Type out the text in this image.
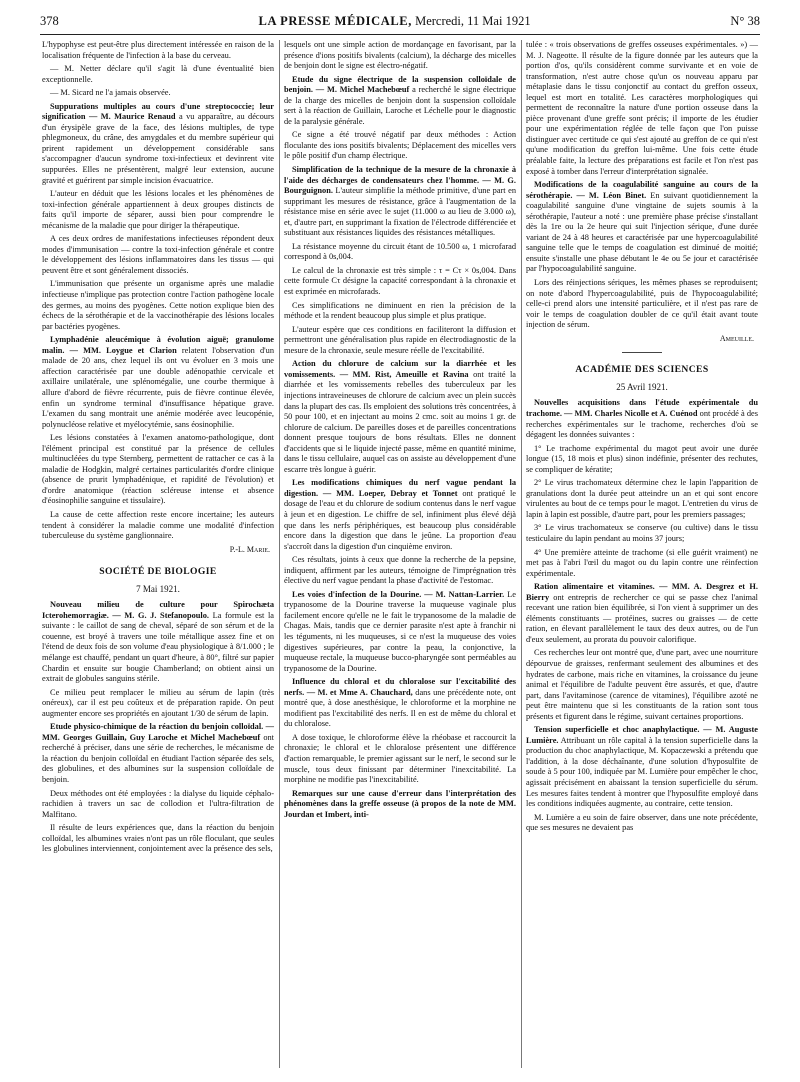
378	LA PRESSE MÉDICALE, Mercredi, 11 Mai 1921	N° 38

L'hypophyse est peut-être plus directement intéressée en raison de la localisation fréquente de l'infection à la base du cerveau.

— M. Netter déclare qu'il s'agit là d'une éventualité bien exceptionnelle.

— M. Sicard ne l'a jamais observée.

Suppurations multiples au cours d'une streptococcie; leur signification — M. Maurice Renaud a vu apparaître, au décours d'un érysipèle grave de la face, des lésions multiples, de type phlegmoneux, du crâne, des amygdales et du membre supérieur qui prirent rapidement un développement considérable sans s'accompagner d'aucun syndrome toxi-infectieux et devinrent vite suppurées. Elles ne présentèrent, malgré leur extension, aucune gravité et guérirent par simple incision évacuatrice.

L'auteur en déduit que les lésions locales et les phénomènes de toxi-infection générale appartiennent à deux groupes distincts de faits qu'il importe de séparer, aussi bien pour comprendre le mécanisme de la maladie que pour diriger la thérapeutique.

A ces deux ordres de manifestations infectieuses répondent deux modes d'immunisation — contre la toxi-infection générale et contre le développement des lésions inflammatoires dans les tissus — qui peuvent être et sont généralement dissociés.

L'immunisation que présente un organisme après une maladie infectieuse n'implique pas protection contre l'action pathogène locale des germes, au moins des pyogènes. Cette notion explique bien des échecs de la sérothérapie et de la vaccinothérapie des lésions locales par bactéries pyogènes.

Lymphadénie aleucémique à évolution aiguë; granulome malin. — MM. Loygue et Clarion relatent l'observation d'un malade de 20 ans, chez lequel ils ont vu évoluer en 3 mois une affection caractérisée par une double adénopathie cervicale et axillaire unilatérale, une splénomégalie, une courbe thermique à allure d'abord de fièvre récurrente, puis de fièvre continue élevée, enfin un syndrome terminal d'insuffisance hépatique grave. L'examen du sang montrait une anémie modérée avec leucopénie, polynucléose relative et myélocytémie, sans éosinophilie.

Les lésions constatées à l'examen anatomo-pathologique, dont l'élément principal est constitué par la présence de cellules multinucléées du type Sternberg, permettent de rattacher ce cas à la maladie de Hodgkin, malgré certaines particularités d'ordre clinique (absence de prurit lymphadénique, et rapidité de l'évolution) et d'ordre anatomique (réaction scléreuse intense et absence d'éosinophilie sanguine et tissulaire).

La cause de cette affection reste encore incertaine; les auteurs tendent à considérer la maladie comme une modalité d'infection tuberculeuse du système ganglionnaire.

P.-L. Marie.

SOCIÉTÉ DE BIOLOGIE
7 Mai 1921.

Nouveau milieu de culture pour Spirochæta Icterohemorragiæ. — M. G. J. Stefanopoulo. La formule est la suivante : le caillot de sang de cheval, séparé de son sérum et de la couenne, est broyé à travers une toile métallique assez fine et on l'étend de deux fois de son volume d'eau physiologique à 8/1.000 ; le mélange est chauffé, pendant un quart d'heure, à 80°, filtré sur papier Chardin et ensuite sur bougie Chamberland; on obtient ainsi un extrait de globules sanguins stérile.

Ce milieu peut remplacer le milieu au sérum de lapin (très onéreux), car il est peu coûteux et de préparation rapide. On peut augmenter encore ses propriétés en ajoutant 1/30 de sérum de lapin.

Etude physico-chimique de la réaction du benjoin colloïdal. — MM. Georges Guillain, Guy Laroche et Michel Machebœuf ont recherché à préciser, dans une série de recherches, le mécanisme de la réaction du benjoin colloïdal en étudiant l'action séparée des sels, des globulines, et des albumines sur la suspension colloïdale de benjoin.

Deux méthodes ont été employées : la dialyse du liquide céphalo-rachidien à travers un sac de collodion et l'ultra-filtration de Malfitano.

Il résulte de leurs expériences que, dans la réaction du benjoin colloïdal, les albumines vraies n'ont pas un rôle floculant, que seules les globulines interviennent, conjointement avec la présence des sels,

lesquels ont une simple action de mordançage en favorisant, par la présence d'ions positifs bivalents (calcium), la décharge des micelles de benjoin dont le signe est électro-négatif.

Etude du signe électrique de la suspension colloïdale de benjoin. — M. Michel Machebœuf a recherché le signe électrique de la charge des micelles de benjoin dont la suspension colloïdale sert à la réaction de Guillain, Laroche et Léchelle pour le diagnostic de la paralysie générale.

Ce signe a été trouvé négatif par deux méthodes : Action floculante des ions positifs bivalents; Déplacement des micelles vers le pôle positif d'un champ électrique.

Simplification de la technique de la mesure de la chronaxie à l'aide des décharges de condensateurs chez l'homme. — M. G. Bourguignon. L'auteur simplifie la méthode primitive, d'une part en supprimant les mesures de résistance, grâce à l'augmentation de la résistance mise en série avec le sujet (11.000 ω au lieu de 3.000 ω), et, d'autre part, en supprimant la fixation de l'électrode différenciée et substituant aux résistances liquides des résistances métalliques.

La résistance moyenne du circuit étant de 10.500 ω, 1 microfarad correspond à 0s,004.

Le calcul de la chronaxie est très simple : τ = Cτ × 0s,004. Dans cette formule Cτ désigne la capacité correspondant à la chronaxie et est exprimée en microfarads.

Ces simplifications ne diminuent en rien la précision de la méthode et la rendent beaucoup plus simple et plus pratique.

L'auteur espère que ces conditions en faciliteront la diffusion et permettront une généralisation plus rapide en électrodiagnostic de la mesure de la chronaxie, seule mesure réelle de l'excitabilité.

Action du chlorure de calcium sur la diarrhée et les vomissements. — MM. Rist, Ameuille et Ravina ont traité la diarrhée et les vomissements rebelles des tuberculeux par les injections intraveineuses de chlorure de calcium avec un plein succès dans la plupart des cas. Ils emploient des solutions très concentrées, à 50 pour 100, et en injectant au moins 2 cmc. soit au moins 1 gr. de chlorure de calcium. De pareilles doses et de pareilles concentrations donnent presque toujours de bons résultats. Elles ne donnent d'accidents que si le liquide injecté passe, même en quantité minime, dans le tissu cellulaire, auquel cas on assiste au développement d'une escarre très longue à guérir.

Les modifications chimiques du nerf vague pendant la digestion. — MM. Loeper, Debray et Tonnet ont pratiqué le dosage de l'eau et du chlorure de sodium contenus dans le nerf vague à jeun et en digestion. Le chiffre de sel, infiniment plus élevé déjà que dans les nerfs périphériques, est beaucoup plus considérable encore dans la digestion que dans le jeûne. La proportion d'eau s'accroît dans la digestion d'un cinquième environ.

Ces résultats, joints à ceux que donne la recherche de la pepsine, indiquent, affirment par les auteurs, témoigne de l'imprégnation très élective du nerf vague pendant la phase d'activité de l'estomac.

Les voies d'infection de la Dourine. — M. Nattan-Larrier. Le trypanosome de la Dourine traverse la muqueuse vaginale plus facilement encore qu'elle ne le fait le trypanosome de la maladie de Chagas. Mais, tandis que ce dernier parasite n'est apte à franchir ni les téguments, ni les muqueuses, si ce n'est la muqueuse des voies digestives supérieures, par contre la peau, la conjonctive, la muqueuse rectale, la muqueuse bucco-pharyngée sont perméables au trypanosome de la Dourine.

Influence du chloral et du chloralose sur l'excitabilité des nerfs. — M. et Mme A. Chauchard, dans une précédente note, ont montré que, à dose anesthésique, le chloroforme et la morphine ne modifient pas l'excitabilité des nerfs. Il en est de même du chloral et du chloralose.

A dose toxique, le chloroforme élève la rhéobase et raccourcit la chronaxie; le chloral et le chloralose présentent une différence d'action remarquable, le premier agissant sur le nerf, le second sur le muscle, tous deux finissant par déterminer l'inexcitabilité. La morphine ne modifie pas l'inexcitabilité.

Remarques sur une cause d'erreur dans l'interprétation des phénomènes dans la greffe osseuse (à propos de la note de MM. Jourdan et Imbert, inti-

tulée : « trois observations de greffes osseuses expérimentales. ») — M. J. Nageotte. Il résulte de la figure donnée par les auteurs que la portion d'os, qu'ils considèrent comme survivante et en voie de transformation, n'est autre chose qu'un os nouveau apparu par métaplasie dans le tissu conjonctif au contact du greffon osseux, lequel est mort en totalité. Les caractères morphologiques qui permettent de reconnaître la nature d'une portion osseuse dans la pièce provenant d'une greffe sont précis; il importe de les étudier pour une expérimentation réglée de telle façon que l'on puisse distinguer avec certitude ce qui s'est ajouté au greffon de ce qui n'est qu'une modification du greffon lui-même. Une fois cette étude préalable faite, la lecture des préparations est facile et l'on n'est pas exposé à tomber dans l'erreur d'interprétation signalée.

Modifications de la coagulabilité sanguine au cours de la sérothérapie. — M. Léon Binet. En suivant quotidiennement la coagulabilité sanguine d'une vingtaine de sujets soumis à la sérothérapie, l'auteur a noté : une première phase précise s'installant dès la 1re ou la 2e heure qui suit l'injection sérique, d'une durée variant de 24 à 48 heures et caractérisée par une hypercoagulabilité sanguine telle que le temps de coagulation est diminué de moitié; ensuite s'installe une phase débutant le 4e ou 5e jour et caractérisée par l'hypocoagulabilité sanguine.

Lors des réinjections sériques, les mêmes phases se reproduisent; on note d'abord l'hypercoagulabilité, puis de l'hypocoagulabilité; celle-ci prend alors une intensité particulière, et il n'est pas rare de voir le temps de coagulation doubler de ce qu'il était avant toute injection de sérum.

Ameuille.

ACADÉMIE DES SCIENCES
25 Avril 1921.

Nouvelles acquisitions dans l'étude expérimentale du trachome. — MM. Charles Nicolle et A. Cuénod ont procédé à des recherches expérimentales sur le trachome, recherches d'où se dégagent les données suivantes :

1° Le trachome expérimental du magot peut avoir une durée longue (15, 18 mois et plus) sinon indéfinie, présenter des rechutes, se compliquer de kératite;

2° Le virus trachomateux détermine chez le lapin l'apparition de granulations dont la durée peut atteindre un an et qui sont encore virulentes au bout de ce temps pour le magot. L'entretien du virus de lapin à lapin est possible, d'autre part, pour les premiers passages;

3° Le virus trachomateux se conserve (ou cultive) dans le tissu testiculaire du lapin pendant au moins 37 jours;

4° Une première atteinte de trachome (si elle guérit vraiment) ne met pas à l'abri l'œil du magot ou du lapin contre une réinfection expérimentale.

Ration alimentaire et vitamines. — MM. A. Desgrez et H. Bierry ont entrepris de rechercher ce qui se passe chez l'animal recevant une ration bien équilibrée, si l'on vient à supprimer un des éléments constituants — protéines, sucres ou graisses — de cette ration, en élevant parallèlement le taux des deux autres, ou de l'un d'eux seulement, au prorata du pouvoir calorifique.

Ces recherches leur ont montré que, d'une part, avec une nourriture dépourvue de graisses, renfermant seulement des albumines et des hydrates de carbone, mais riche en vitamines, la croissance du jeune animal et l'équilibre de l'adulte peuvent être assurés, et que, d'autre part, dans l'avitaminose (carence de vitamines), l'équilibre azoté ne peut être maintenu que si les constituants de la ration sont tous présents et figurent dans le régime, suivant certaines proportions.

Tension superficielle et choc anaphylactique. — M. Auguste Lumière. Attribuant un rôle capital à la tension superficielle dans la production du choc anaphylactique, M. Kopaczewski a prétendu que l'addition, à la dose déchaînante, d'une solution d'hyposulfite de soude à 5 pour 100, indiquée par M. Lumière pour empêcher le choc, agissait précisément en abaissant la tension superficielle du sérum. Les mesures faites tendent à montrer que l'hyposulfite employé dans les conditions indiquées augmente, au contraire, cette tension.

M. Lumière a eu soin de faire observer, dans une note précédente, que ses mesures ne devaient pas
